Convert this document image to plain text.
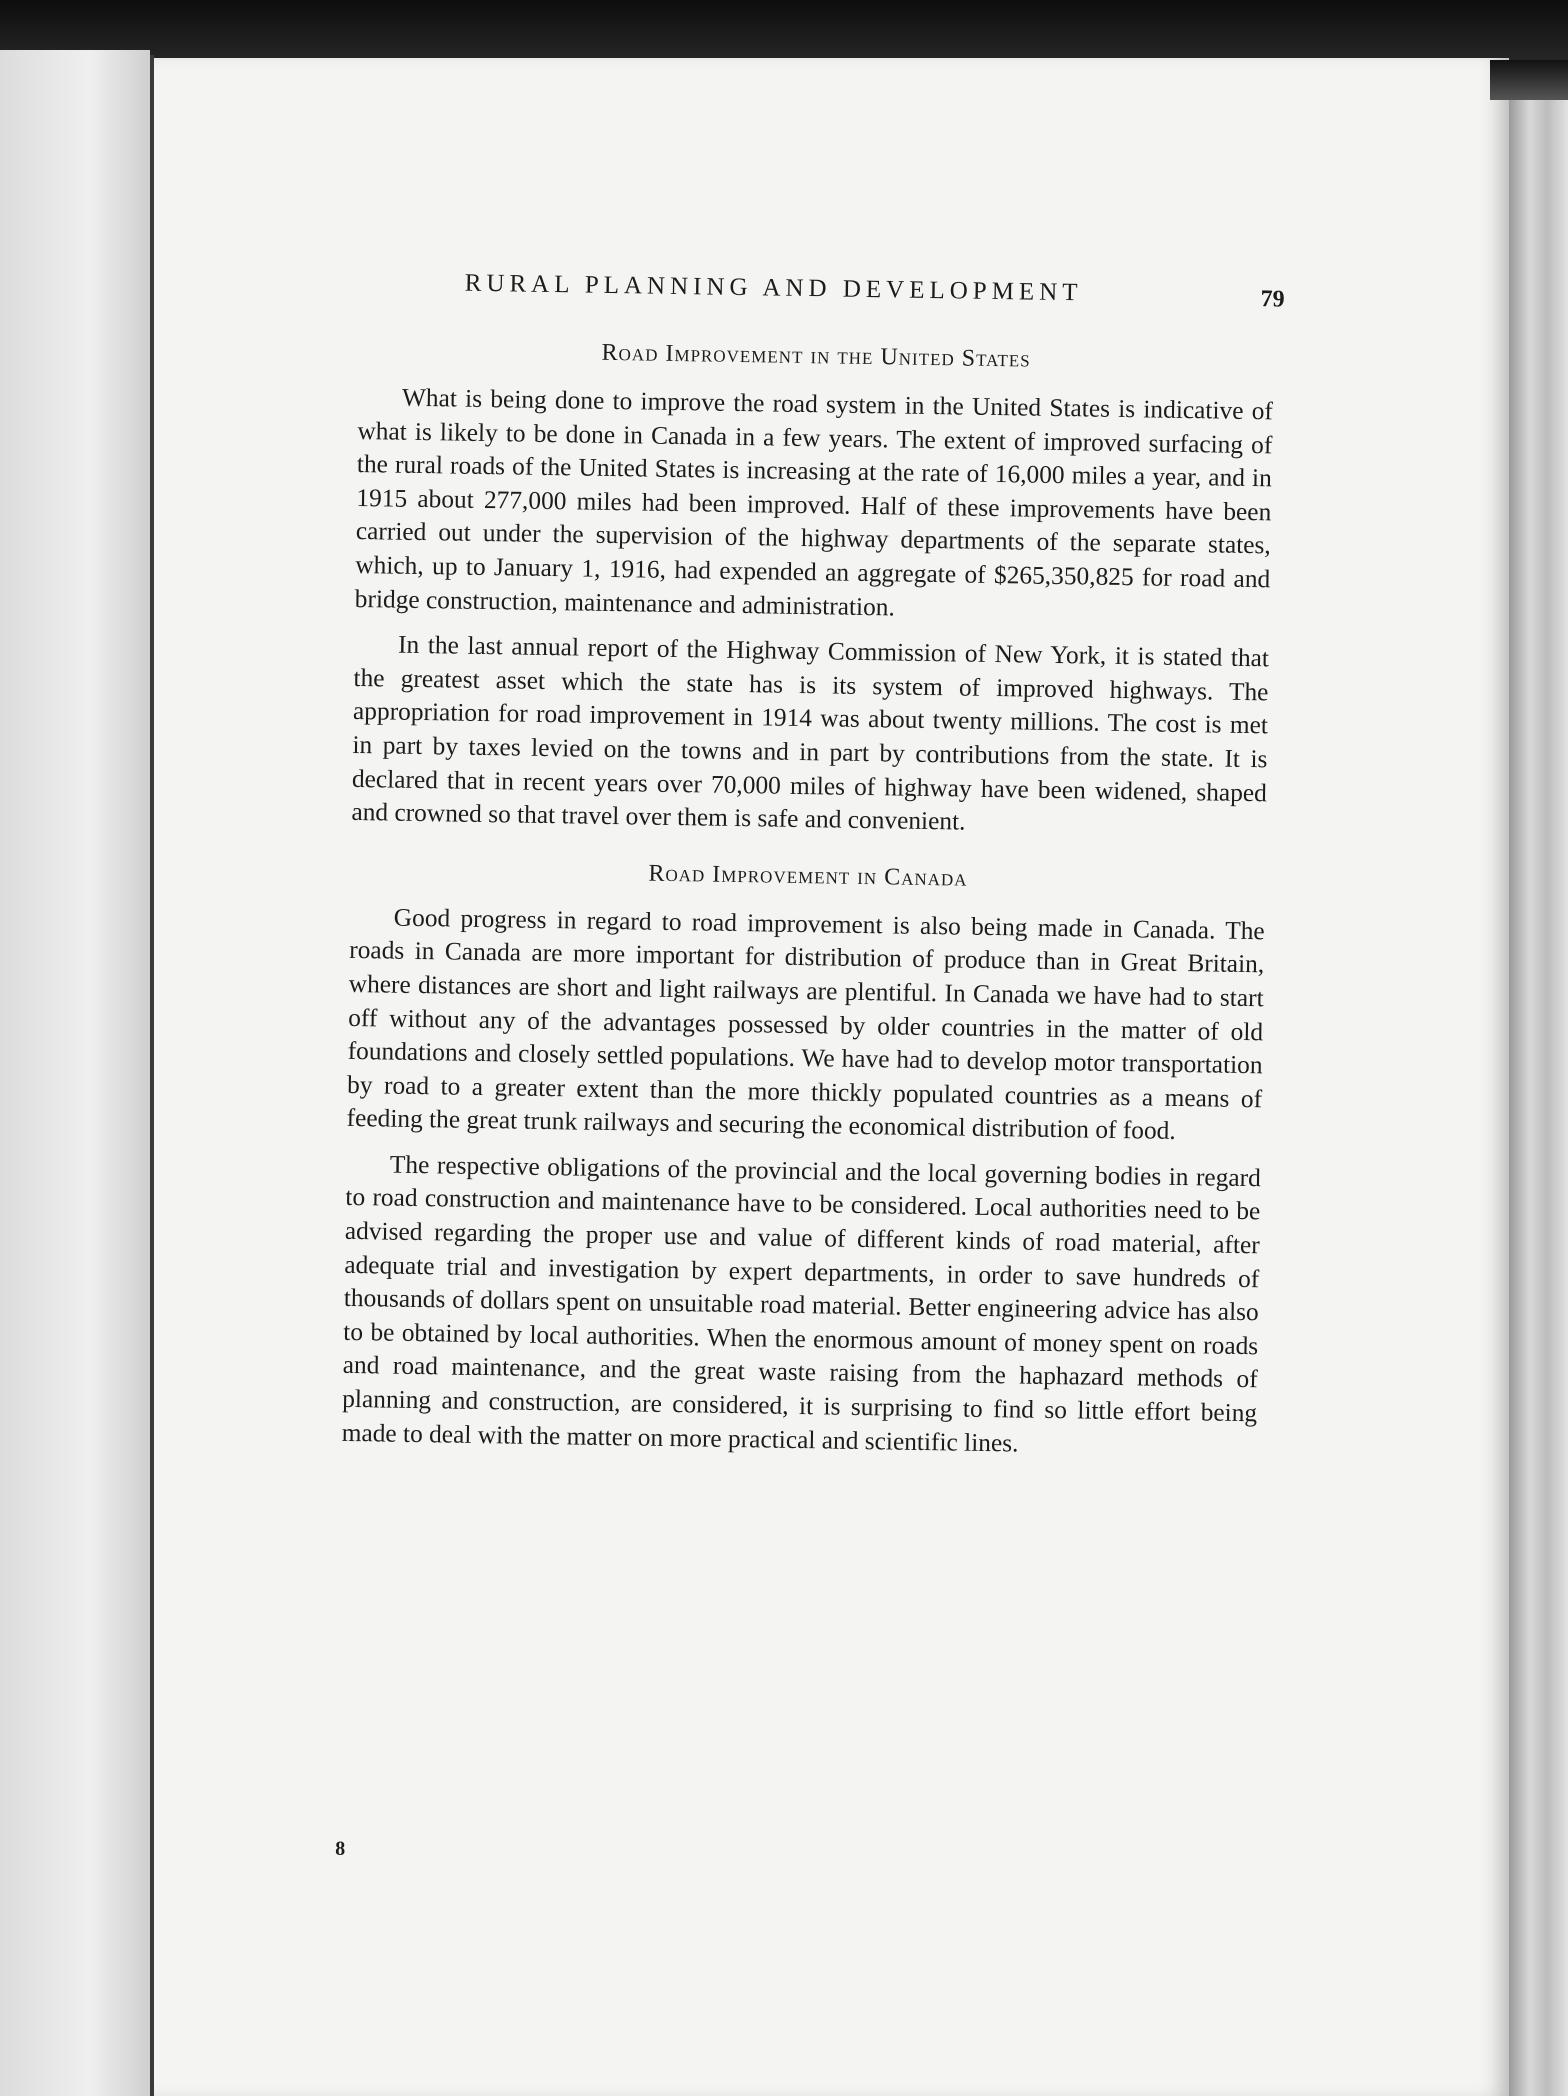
RURAL PLANNING AND DEVELOPMENT	79
Road Improvement in the United States

What is being done to improve the road system in the United States is indicative of what is likely to be done in Canada in a few years. The extent of improved surfacing of the rural roads of the United States is increasing at the rate of 16,000 miles a year, and in 1915 about 277,000 miles had been improved. Half of these improvements have been carried out under the supervision of the highway departments of the separate states, which, up to January 1, 1916, had expended an aggregate of $265,350,825 for road and bridge construction, maintenance and administration.

In the last annual report of the Highway Commission of New York, it is stated that the greatest asset which the state has is its system of improved highways. The appropriation for road improvement in 1914 was about twenty millions. The cost is met in part by taxes levied on the towns and in part by contributions from the state. It is declared that in recent years over 70,000 miles of highway have been widened, shaped and crowned so that travel over them is safe and convenient.

Road Improvement in Canada

Good progress in regard to road improvement is also being made in Canada. The roads in Canada are more important for distribution of produce than in Great Britain, where distances are short and light railways are plentiful. In Canada we have had to start off without any of the advantages possessed by older countries in the matter of old foundations and closely settled populations. We have had to develop motor transportation by road to a greater extent than the more thickly populated countries as a means of feeding the great trunk railways and securing the economical distribution of food.

The respective obligations of the provincial and the local governing bodies in regard to road construction and maintenance have to be considered. Local authorities need to be advised regarding the proper use and value of different kinds of road material, after adequate trial and investigation by expert departments, in order to save hundreds of thousands of dollars spent on unsuitable road material. Better engineering advice has also to be obtained by local authorities. When the enormous amount of money spent on roads and road maintenance, and the great waste raising from the haphazard methods of planning and construction, are considered, it is surprising to find so little effort being made to deal with the matter on more practical and scientific lines.

8
